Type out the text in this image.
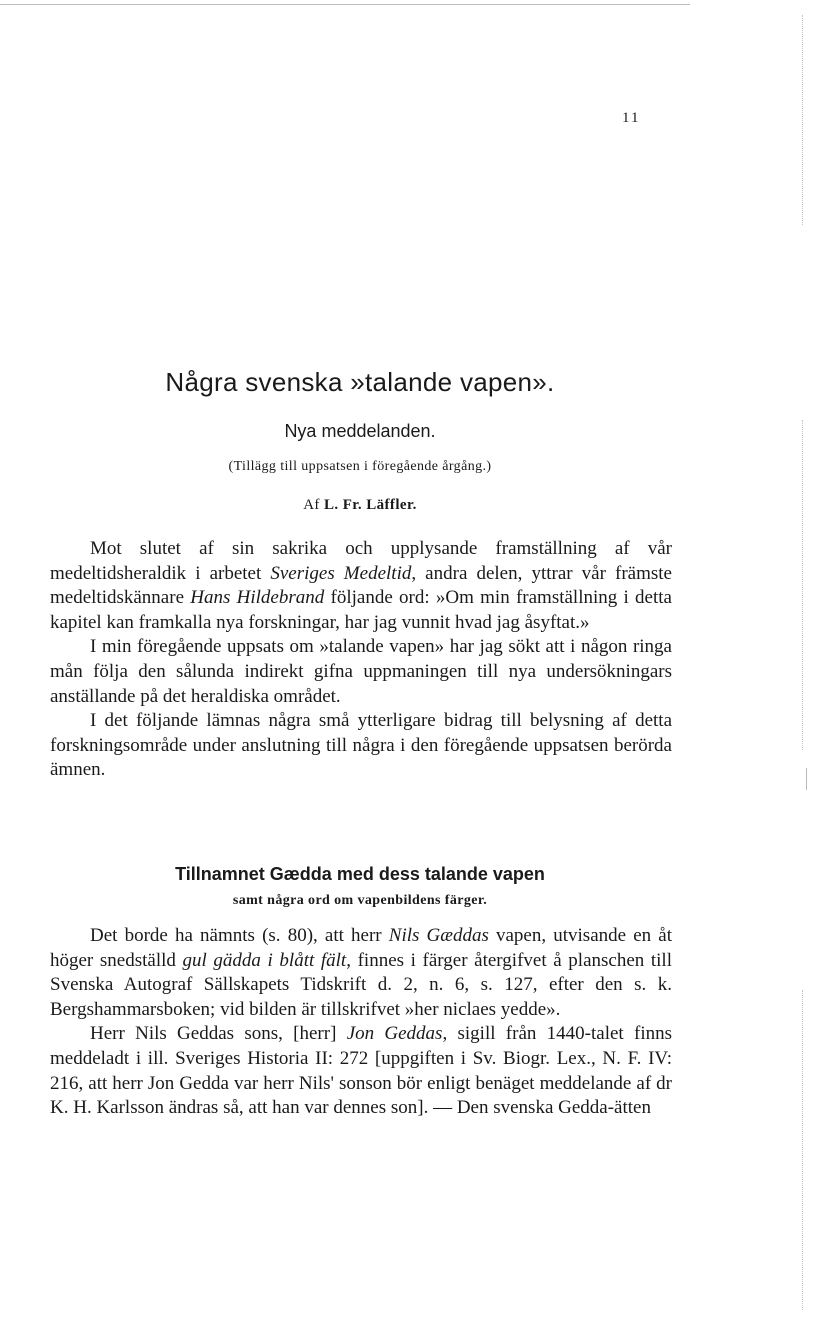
11
Några svenska »talande vapen».
Nya meddelanden.
(Tillägg till uppsatsen i föregående årgång.)
Af L. Fr. Läffler.

Mot slutet af sin sakrika och upplysande framställning af vår medeltidsheraldik i arbetet Sveriges Medeltid, andra delen, yttrar vår främste medeltidskännare Hans Hildebrand följande ord: »Om min framställning i detta kapitel kan framkalla nya forskningar, har jag vunnit hvad jag åsyftat.»

I min föregående uppsats om »talande vapen» har jag sökt att i någon ringa mån följa den sålunda indirekt gifna uppmaningen till nya undersökningars anställande på det heraldiska området.

I det följande lämnas några små ytterligare bidrag till belysning af detta forskningsområde under anslutning till några i den föregående uppsatsen berörda ämnen.

Tillnamnet Gædda med dess talande vapen
samt några ord om vapenbildens färger.

Det borde ha nämnts (s. 80), att herr Nils Gæddas vapen, utvisande en åt höger snedställd gul gädda i blått fält, finnes i färger återgifvet å planschen till Svenska Autograf Sällskapets Tidskrift d. 2, n. 6, s. 127, efter den s. k. Bergshammarsboken; vid bilden är tillskrifvet »her niclaes yedde».

Herr Nils Geddas sons, [herr] Jon Geddas, sigill från 1440-talet finns meddeladt i ill. Sveriges Historia II: 272 [uppgiften i Sv. Biogr. Lex., N. F. IV: 216, att herr Jon Gedda var herr Nils' sonson bör enligt benäget meddelande af dr K. H. Karlsson ändras så, att han var dennes son]. — Den svenska Gedda-ätten
